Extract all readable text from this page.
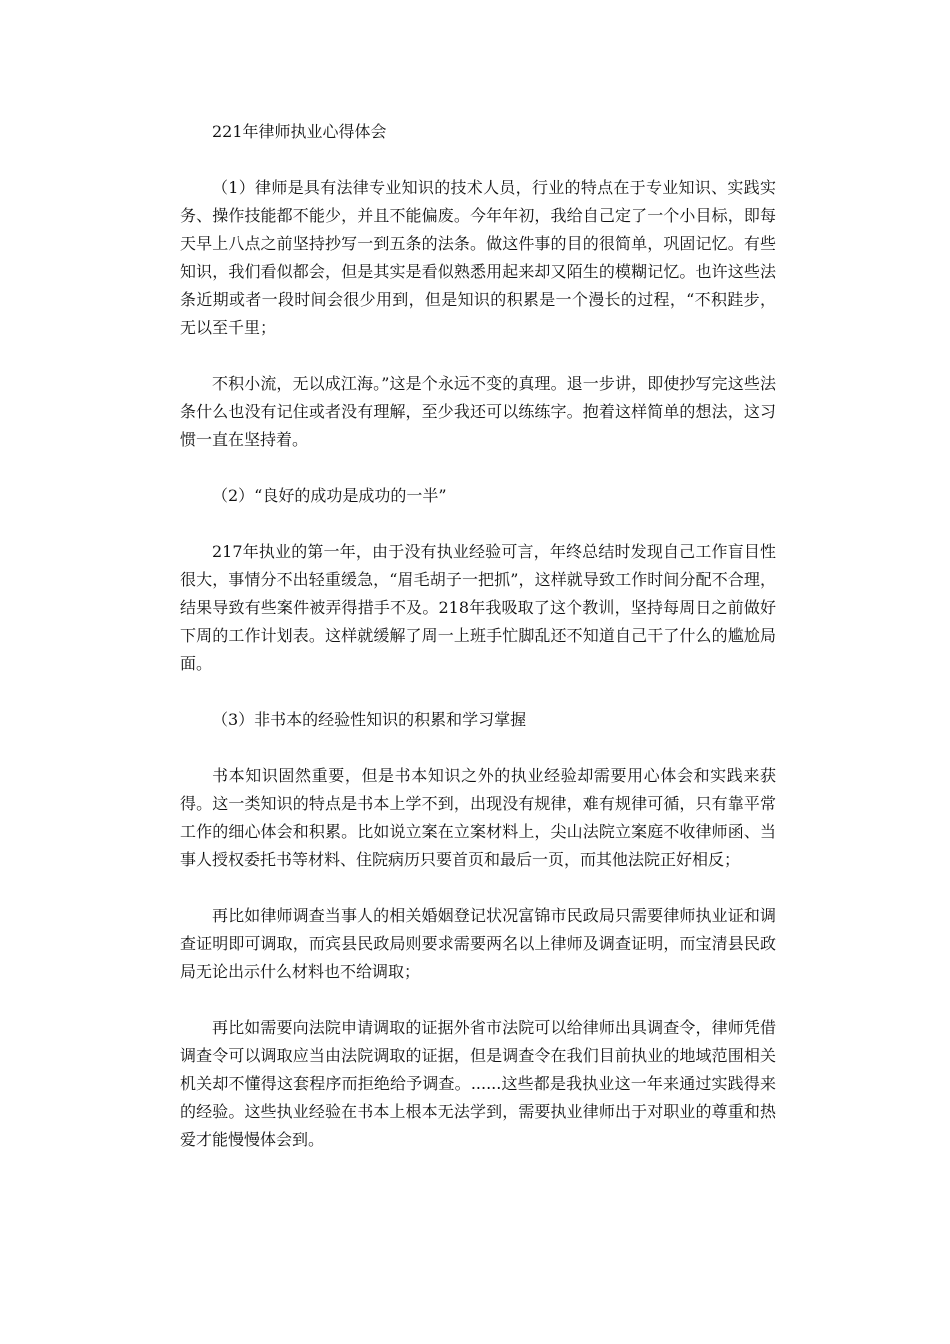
221年律师执业心得体会

（1）律师是具有法律专业知识的技术人员，行业的特点在于专业知识、实践实务、操作技能都不能少，并且不能偏废。今年年初，我给自己定了一个小目标，即每天早上八点之前坚持抄写一到五条的法条。做这件事的目的很简单，巩固记忆。有些知识，我们看似都会，但是其实是看似熟悉用起来却又陌生的模糊记忆。也许这些法条近期或者一段时间会很少用到，但是知识的积累是一个漫长的过程，“不积跬步，无以至千里；

不积小流，无以成江海。”这是个永远不变的真理。退一步讲，即使抄写完这些法条什么也没有记住或者没有理解，至少我还可以练练字。抱着这样简单的想法，这习惯一直在坚持着。

（2）“良好的成功是成功的一半”

217年执业的第一年，由于没有执业经验可言，年终总结时发现自己工作盲目性很大，事情分不出轻重缓急，“眉毛胡子一把抓”，这样就导致工作时间分配不合理，结果导致有些案件被弄得措手不及。218年我吸取了这个教训，坚持每周日之前做好下周的工作计划表。这样就缓解了周一上班手忙脚乱还不知道自己干了什么的尴尬局面。

（3）非书本的经验性知识的积累和学习掌握

书本知识固然重要，但是书本知识之外的执业经验却需要用心体会和实践来获得。这一类知识的特点是书本上学不到，出现没有规律，难有规律可循，只有靠平常工作的细心体会和积累。比如说立案在立案材料上，尖山法院立案庭不收律师函、当事人授权委托书等材料、住院病历只要首页和最后一页，而其他法院正好相反；

再比如律师调查当事人的相关婚姻登记状况富锦市民政局只需要律师执业证和调查证明即可调取，而宾县民政局则要求需要两名以上律师及调查证明，而宝清县民政局无论出示什么材料也不给调取；

再比如需要向法院申请调取的证据外省市法院可以给律师出具调查令，律师凭借调查令可以调取应当由法院调取的证据，但是调查令在我们目前执业的地域范围相关机关却不懂得这套程序而拒绝给予调查。......这些都是我执业这一年来通过实践得来的经验。这些执业经验在书本上根本无法学到，需要执业律师出于对职业的尊重和热爱才能慢慢体会到。
